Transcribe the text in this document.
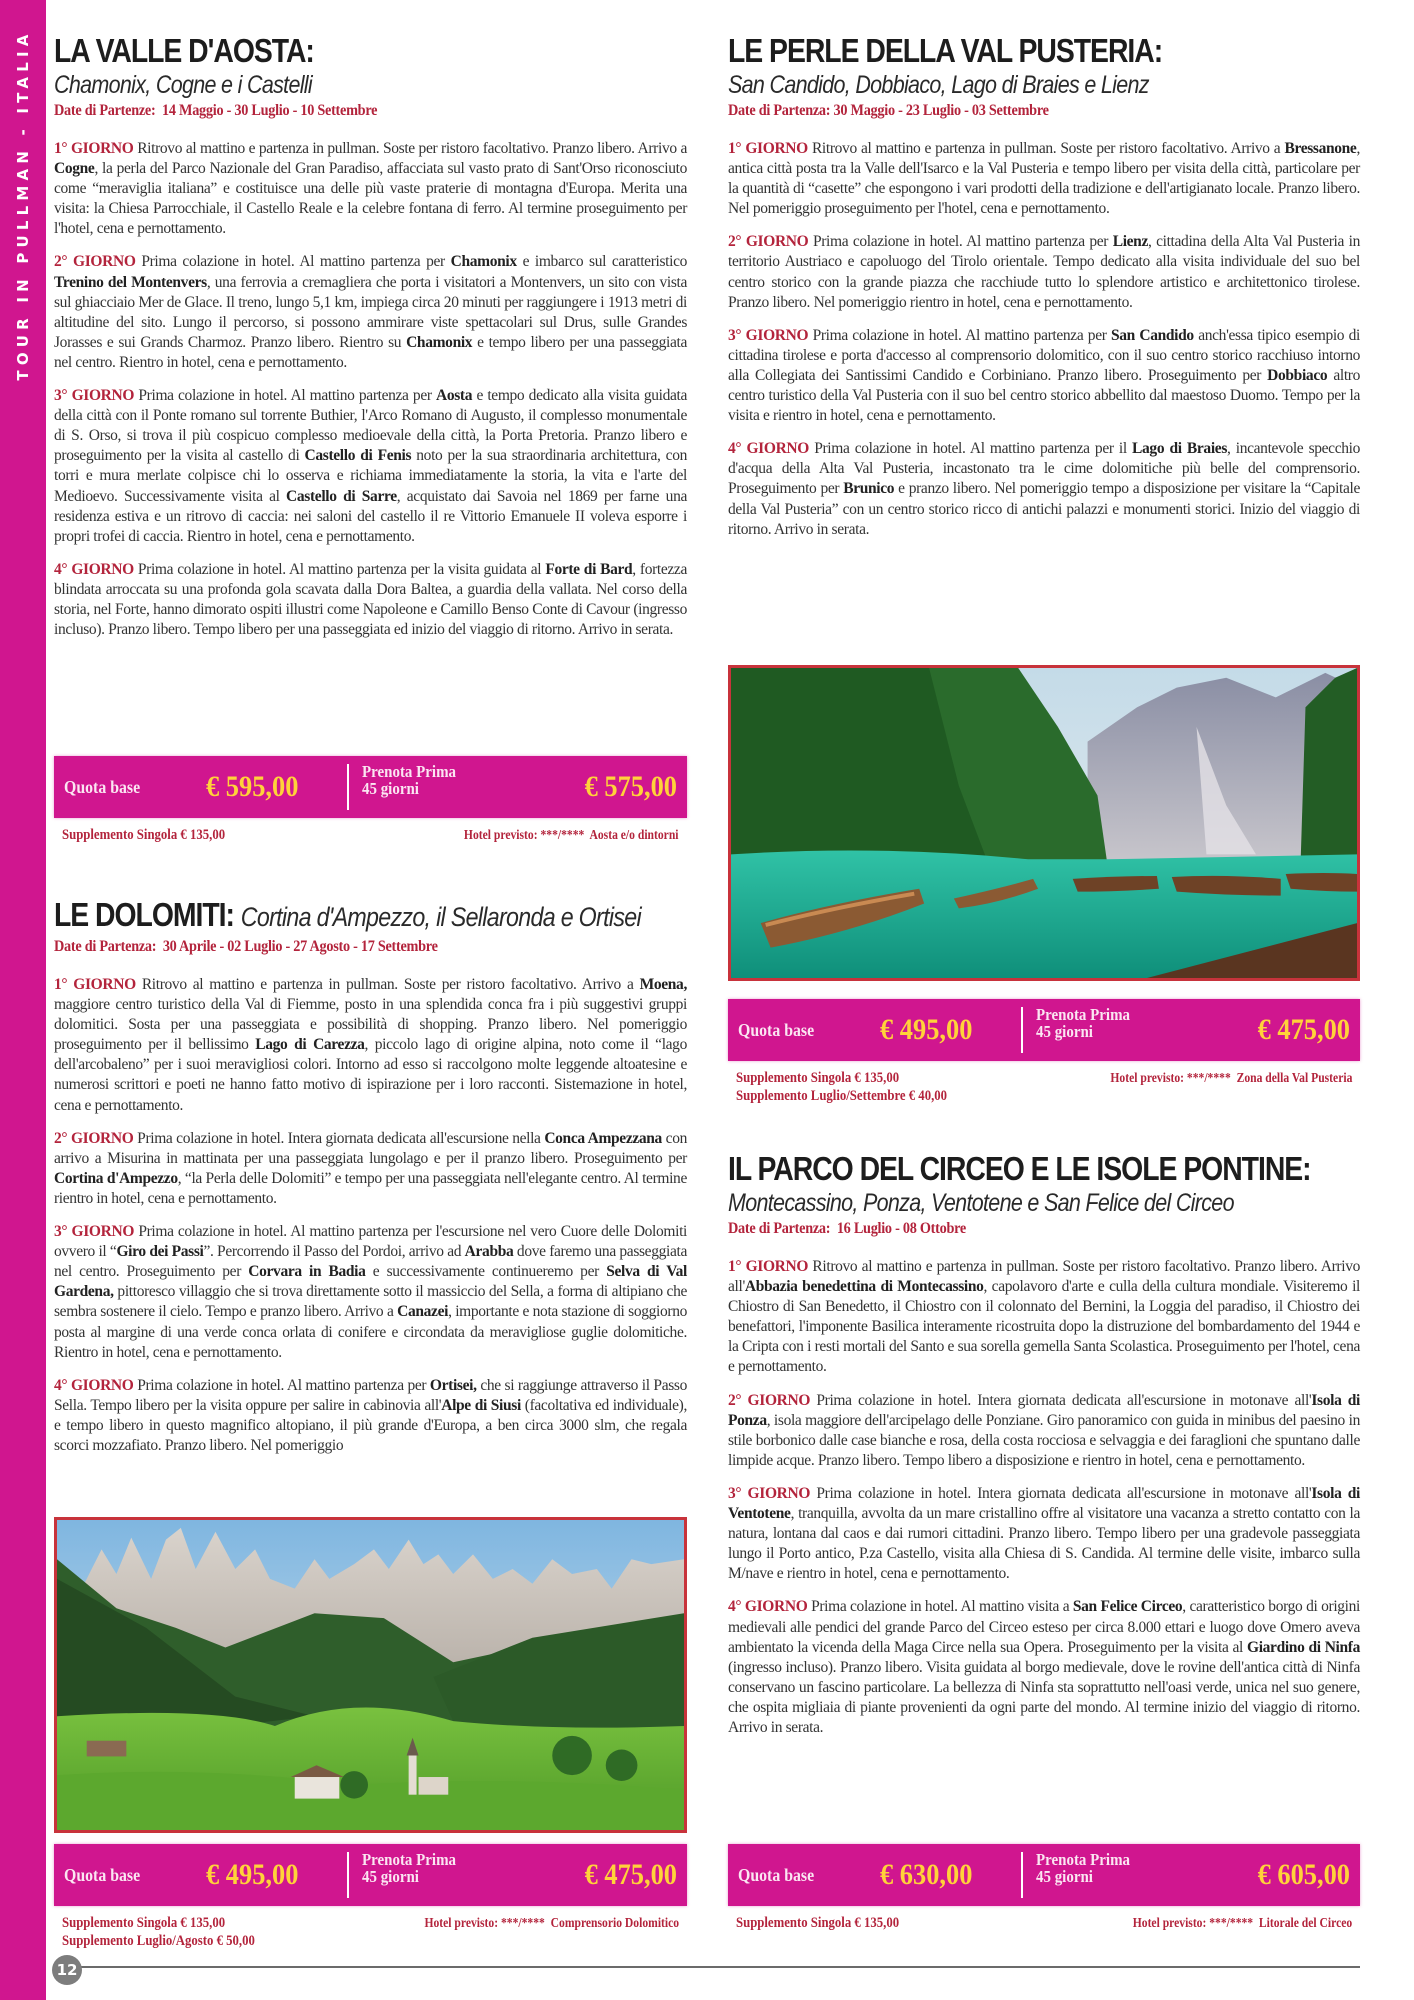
TOUR IN PULLMAN - ITALIA LA VALLE D'AOSTA:
Chamonix, Cogne e i Castelli
Date di Partenze: 14 Maggio - 30 Luglio - 10 Settembre

1° GIORNO Ritrovo al mattino e partenza in pullman. Soste per ristoro facoltativo. Pranzo libero. Arrivo a Cogne, la perla del Parco Nazionale del Gran Paradiso, affacciata sul vasto prato di Sant'Orso riconosciuto come “meraviglia italiana” e costituisce una delle più vaste praterie di montagna d'Europa. Merita una visita: la Chiesa Parrocchiale, il Castello Reale e la celebre fontana di ferro. Al termine proseguimento per l'hotel, cena e pernottamento.

2° GIORNO Prima colazione in hotel. Al mattino partenza per Chamonix e imbarco sul caratteristico Trenino del Montenvers, una ferrovia a cremagliera che porta i visitatori a Montenvers, un sito con vista sul ghiacciaio Mer de Glace. Il treno, lungo 5,1 km, impiega circa 20 minuti per raggiungere i 1913 metri di altitudine del sito. Lungo il percorso, si possono ammirare viste spettacolari sul Drus, sulle Grandes Jorasses e sui Grands Charmoz. Pranzo libero. Rientro su Chamonix e tempo libero per una passeggiata nel centro. Rientro in hotel, cena e pernottamento.

3° GIORNO Prima colazione in hotel. Al mattino partenza per Aosta e tempo dedicato alla visita guidata della città con il Ponte romano sul torrente Buthier, l'Arco Romano di Augusto, il complesso monumentale di S. Orso, si trova il più cospicuo complesso medioevale della città, la Porta Pretoria. Pranzo libero e proseguimento per la visita al castello di Castello di Fenis noto per la sua straordinaria architettura, con torri e mura merlate colpisce chi lo osserva e richiama immediatamente la storia, la vita e l'arte del Medioevo. Successivamente visita al Castello di Sarre, acquistato dai Savoia nel 1869 per farne una residenza estiva e un ritrovo di caccia: nei saloni del castello il re Vittorio Emanuele II voleva esporre i propri trofei di caccia. Rientro in hotel, cena e pernottamento.

4° GIORNO Prima colazione in hotel. Al mattino partenza per la visita guidata al Forte di Bard, fortezza blindata arroccata su una profonda gola scavata dalla Dora Baltea, a guardia della vallata. Nel corso della storia, nel Forte, hanno dimorato ospiti illustri come Napoleone e Camillo Benso Conte di Cavour (ingresso incluso). Pranzo libero. Tempo libero per una passeggiata ed inizio del viaggio di ritorno. Arrivo in serata.

Quota base € 595,00	Prenota Prima
45 giorni	€ 575,00
Supplemento Singola € 135,00	Hotel previsto: ***/**** Aosta e/o dintorni
LE DOLOMITI: Cortina d'Ampezzo, il Sellaronda e Ortisei
Date di Partenza: 30 Aprile - 02 Luglio - 27 Agosto - 17 Settembre

1° GIORNO Ritrovo al mattino e partenza in pullman. Soste per ristoro facoltativo. Arrivo a Moena, maggiore centro turistico della Val di Fiemme, posto in una splendida conca fra i più suggestivi gruppi dolomitici. Sosta per una passeggiata e possibilità di shopping. Pranzo libero. Nel pomeriggio proseguimento per il bellissimo Lago di Carezza, piccolo lago di origine alpina, noto come il “lago dell'arcobaleno” per i suoi meravigliosi colori. Intorno ad esso si raccolgono molte leggende altoatesine e numerosi scrittori e poeti ne hanno fatto motivo di ispirazione per i loro racconti. Sistemazione in hotel, cena e pernottamento.

2° GIORNO Prima colazione in hotel. Intera giornata dedicata all'escursione nella Conca Ampezzana con arrivo a Misurina in mattinata per una passeggiata lungolago e per il pranzo libero. Proseguimento per Cortina d'Ampezzo, “la Perla delle Dolomiti” e tempo per una passeggiata nell'elegante centro. Al termine rientro in hotel, cena e pernottamento.

3° GIORNO Prima colazione in hotel. Al mattino partenza per l'escursione nel vero Cuore delle Dolomiti ovvero il “Giro dei Passi”. Percorrendo il Passo del Pordoi, arrivo ad Arabba dove faremo una passeggiata nel centro. Proseguimento per Corvara in Badia e successivamente continueremo per Selva di Val Gardena, pittoresco villaggio che si trova direttamente sotto il massiccio del Sella, a forma di altipiano che sembra sostenere il cielo. Tempo e pranzo libero. Arrivo a Canazei, importante e nota stazione di soggiorno posta al margine di una verde conca orlata di conifere e circondata da meravigliose guglie dolomitiche. Rientro in hotel, cena e pernottamento.

4° GIORNO Prima colazione in hotel. Al mattino partenza per Ortisei, che si raggiunge attraverso il Passo Sella. Tempo libero per la visita oppure per salire in cabinovia all'Alpe di Siusi (facoltativa ed individuale), e tempo libero in questo magnifico altopiano, il più grande d'Europa, a ben circa 3000 slm, che regala scorci mozzafiato. Pranzo libero. Nel pomeriggio

Quota base € 495,00	Prenota Prima
45 giorni	€ 475,00
Supplemento Singola € 135,00
Supplemento Luglio/Agosto € 50,00
Hotel previsto: ***/**** Comprensorio Dolomitico
LE PERLE DELLA VAL PUSTERIA:
San Candido, Dobbiaco, Lago di Braies e Lienz
Date di Partenza: 30 Maggio - 23 Luglio - 03 Settembre

1° GIORNO Ritrovo al mattino e partenza in pullman. Soste per ristoro facoltativo. Arrivo a Bressanone, antica città posta tra la Valle dell'Isarco e la Val Pusteria e tempo libero per visita della città, particolare per la quantità di “casette” che espongono i vari prodotti della tradizione e dell'artigianato locale. Pranzo libero. Nel pomeriggio proseguimento per l'hotel, cena e pernottamento.

2° GIORNO Prima colazione in hotel. Al mattino partenza per Lienz, cittadina della Alta Val Pusteria in territorio Austriaco e capoluogo del Tirolo orientale. Tempo dedicato alla visita individuale del suo bel centro storico con la grande piazza che racchiude tutto lo splendore artistico e architettonico tirolese. Pranzo libero. Nel pomeriggio rientro in hotel, cena e pernottamento.

3° GIORNO Prima colazione in hotel. Al mattino partenza per San Candido anch'essa tipico esempio di cittadina tirolese e porta d'accesso al comprensorio dolomitico, con il suo centro storico racchiuso intorno alla Collegiata dei Santissimi Candido e Corbiniano. Pranzo libero. Proseguimento per Dobbiaco altro centro turistico della Val Pusteria con il suo bel centro storico abbellito dal maestoso Duomo. Tempo per la visita e rientro in hotel, cena e pernottamento.

4° GIORNO Prima colazione in hotel. Al mattino partenza per il Lago di Braies, incantevole specchio d'acqua della Alta Val Pusteria, incastonato tra le cime dolomitiche più belle del comprensorio. Proseguimento per Brunico e pranzo libero. Nel pomeriggio tempo a disposizione per visitare la “Capitale della Val Pusteria” con un centro storico ricco di antichi palazzi e monumenti storici. Inizio del viaggio di ritorno. Arrivo in serata.

Quota base € 495,00	Prenota Prima
45 giorni	€ 475,00
Supplemento Singola € 135,00
Supplemento Luglio/Settembre € 40,00
Hotel previsto: ***/**** Zona della Val Pusteria
IL PARCO DEL CIRCEO E LE ISOLE PONTINE:
Montecassino, Ponza, Ventotene e San Felice del Circeo
Date di Partenza: 16 Luglio - 08 Ottobre

1° GIORNO Ritrovo al mattino e partenza in pullman. Soste per ristoro facoltativo. Pranzo libero. Arrivo all'Abbazia benedettina di Montecassino, capolavoro d'arte e culla della cultura mondiale. Visiteremo il Chiostro di San Benedetto, il Chiostro con il colonnato del Bernini, la Loggia del paradiso, il Chiostro dei benefattori, l'imponente Basilica interamente ricostruita dopo la distruzione del bombardamento del 1944 e la Cripta con i resti mortali del Santo e sua sorella gemella Santa Scolastica. Proseguimento per l'hotel, cena e pernottamento.

2° GIORNO Prima colazione in hotel. Intera giornata dedicata all'escursione in motonave all'Isola di Ponza, isola maggiore dell'arcipelago delle Ponziane. Giro panoramico con guida in minibus del paesino in stile borbonico dalle case bianche e rosa, della costa rocciosa e selvaggia e dei faraglioni che spuntano dalle limpide acque. Pranzo libero. Tempo libero a disposizione e rientro in hotel, cena e pernottamento.

3° GIORNO Prima colazione in hotel. Intera giornata dedicata all'escursione in motonave all'Isola di Ventotene, tranquilla, avvolta da un mare cristallino offre al visitatore una vacanza a stretto contatto con la natura, lontana dal caos e dai rumori cittadini. Pranzo libero. Tempo libero per una gradevole passeggiata lungo il Porto antico, P.za Castello, visita alla Chiesa di S. Candida. Al termine delle visite, imbarco sulla M/nave e rientro in hotel, cena e pernottamento.

4° GIORNO Prima colazione in hotel. Al mattino visita a San Felice Circeo, caratteristico borgo di origini medievali alle pendici del grande Parco del Circeo esteso per circa 8.000 ettari e luogo dove Omero aveva ambientato la vicenda della Maga Circe nella sua Opera. Proseguimento per la visita al Giardino di Ninfa (ingresso incluso). Pranzo libero. Visita guidata al borgo medievale, dove le rovine dell'antica città di Ninfa conservano un fascino particolare. La bellezza di Ninfa sta soprattutto nell'oasi verde, unica nel suo genere, che ospita migliaia di piante provenienti da ogni parte del mondo. Al termine inizio del viaggio di ritorno. Arrivo in serata.

Quota base € 630,00	Prenota Prima
45 giorni	€ 605,00
Supplemento Singola € 135,00	Hotel previsto: ***/**** Litorale del Circeo
12
